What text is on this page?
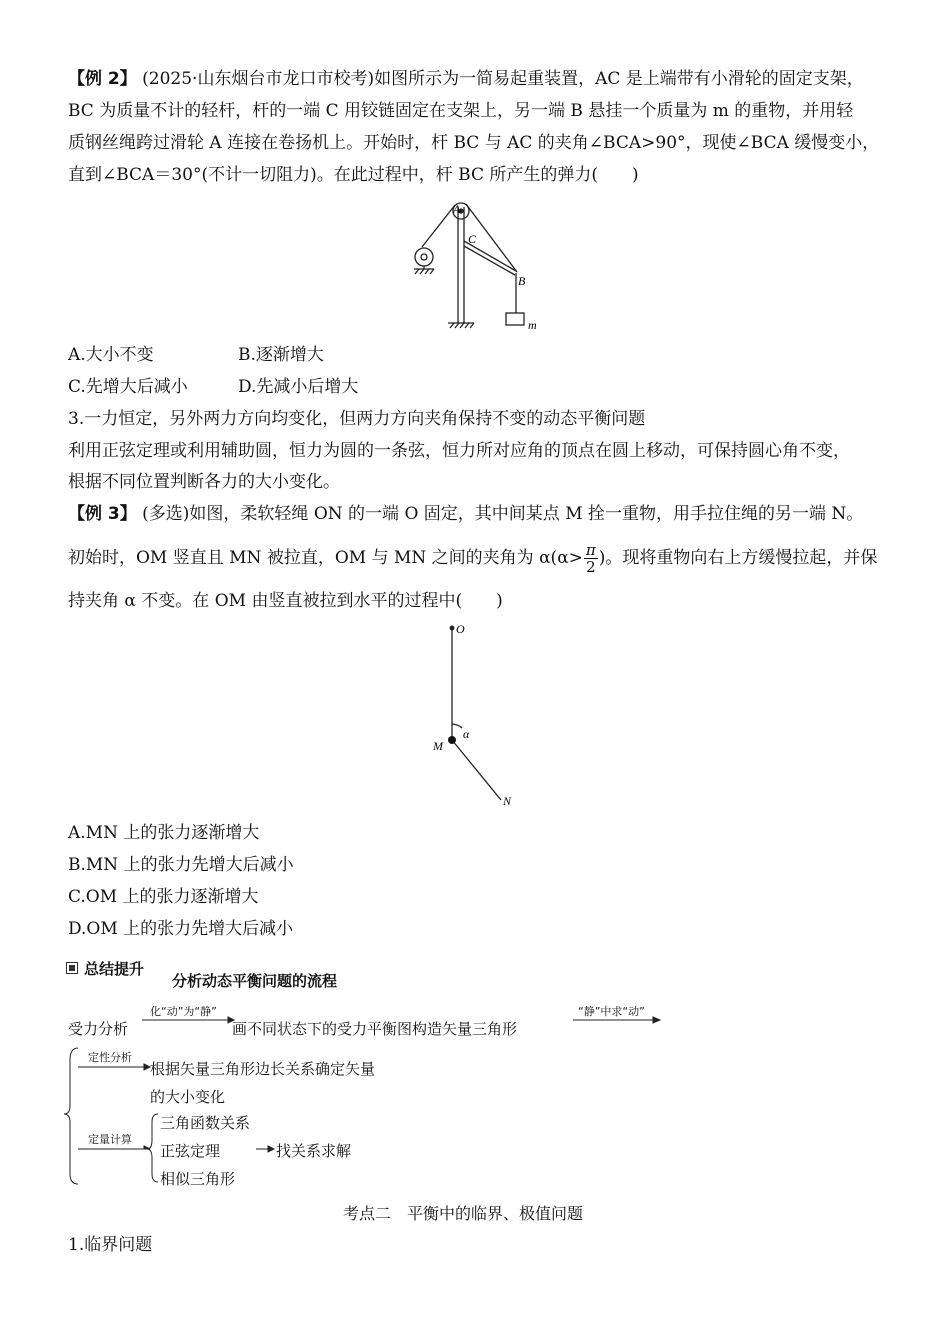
【例 2】 (2025·山东烟台市龙口市校考)如图所示为一简易起重装置，AC 是上端带有小滑轮的固定支架，
BC 为质量不计的轻杆，杆的一端 C 用铰链固定在支架上，另一端 B 悬挂一个质量为 m 的重物，并用轻
质钢丝绳跨过滑轮 A 连接在卷扬机上。开始时，杆 BC 与 AC 的夹角∠BCA>90°，现使∠BCA 缓慢变小，
直到∠BCA＝30°(不计一切阻力)。在此过程中，杆 BC 所产生的弹力(　　)
A
C
B
m
A.大小不变	B.逐渐增大
C.先增大后减小	D.先减小后增大
3.一力恒定，另外两力方向均变化，但两力方向夹角保持不变的动态平衡问题
利用正弦定理或利用辅助圆，恒力为圆的一条弦，恒力所对应角的顶点在圆上移动，可保持圆心角不变，
根据不同位置判断各力的大小变化。
【例 3】 (多选)如图，柔软轻绳 ON 的一端 O 固定，其中间某点 M 拴一重物，用手拉住绳的另一端 N。
初始时，OM 竖直且 MN 被拉直，OM 与 MN 之间的夹角为 $\alpha(\alpha> \frac{\pi}{2}$ )。现将重物向右上方缓慢拉起，并保
持夹角 α 不变。在 OM 由竖直被拉到水平的过程中(　　)
O
M
N
α
A.MN 上的张力逐渐增大
B.MN 上的张力先增大后减小
C.OM 上的张力逐渐增大
D.OM 上的张力先增大后减小
总结提升
分析动态平衡问题的流程
受力分析
化“动”为“静”
画不同状态下的受力平衡图构造矢量三角形
“静”中求“动”
定性分析
根据矢量三角形边长关系确定矢量
的大小变化
定量计算
三角函数关系
正弦定理
相似三角形
找关系求解
考点二　平衡中的临界、极值问题
1.临界问题
